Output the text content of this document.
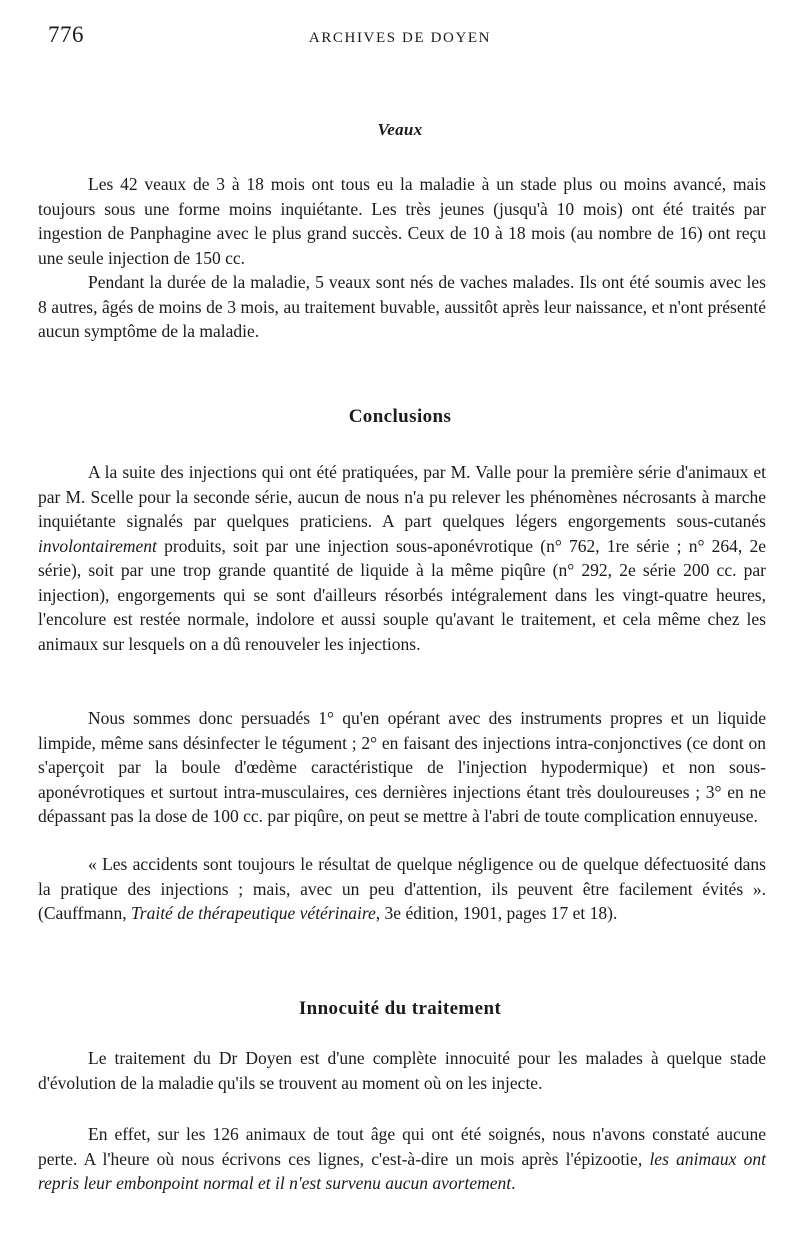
776	ARCHIVES DE DOYEN
Veaux

Les 42 veaux de 3 à 18 mois ont tous eu la maladie à un stade plus ou moins avancé, mais toujours sous une forme moins inquiétante. Les très jeunes (jusqu'à 10 mois) ont été traités par ingestion de Panphagine avec le plus grand succès. Ceux de 10 à 18 mois (au nombre de 16) ont reçu une seule injection de 150 cc.

Pendant la durée de la maladie, 5 veaux sont nés de vaches malades. Ils ont été soumis avec les 8 autres, âgés de moins de 3 mois, au traitement buvable, aussitôt après leur naissance, et n'ont présenté aucun symptôme de la maladie.

Conclusions

A la suite des injections qui ont été pratiquées, par M. Valle pour la première série d'animaux et par M. Scelle pour la seconde série, aucun de nous n'a pu relever les phénomènes nécrosants à marche inquiétante signalés par quelques praticiens. A part quelques légers engorgements sous-cutanés involontairement produits, soit par une injection sous-aponévrotique (n° 762, 1re série ; n° 264, 2e série), soit par une trop grande quantité de liquide à la même piqûre (n° 292, 2e série 200 cc. par injection), engorgements qui se sont d'ailleurs résorbés intégralement dans les vingt-quatre heures, l'encolure est restée normale, indolore et aussi souple qu'avant le traitement, et cela même chez les animaux sur lesquels on a dû renouveler les injections.

Nous sommes donc persuadés 1° qu'en opérant avec des instruments propres et un liquide limpide, même sans désinfecter le tégument ; 2° en faisant des injections intra-conjonctives (ce dont on s'aperçoit par la boule d'œdème caractéristique de l'injection hypodermique) et non sous-aponévrotiques et surtout intra-musculaires, ces dernières injections étant très douloureuses ; 3° en ne dépassant pas la dose de 100 cc. par piqûre, on peut se mettre à l'abri de toute complication ennuyeuse.

« Les accidents sont toujours le résultat de quelque négligence ou de quelque défectuosité dans la pratique des injections ; mais, avec un peu d'attention, ils peuvent être facilement évités ». (Cauffmann, Traité de thérapeutique vétérinaire, 3e édition, 1901, pages 17 et 18).

Innocuité du traitement

Le traitement du Dr Doyen est d'une complète innocuité pour les malades à quelque stade d'évolution de la maladie qu'ils se trouvent au moment où on les injecte.

En effet, sur les 126 animaux de tout âge qui ont été soignés, nous n'avons constaté aucune perte. A l'heure où nous écrivons ces lignes, c'est-à-dire un mois après l'épizootie, les animaux ont repris leur embonpoint normal et il n'est survenu aucun avortement.
